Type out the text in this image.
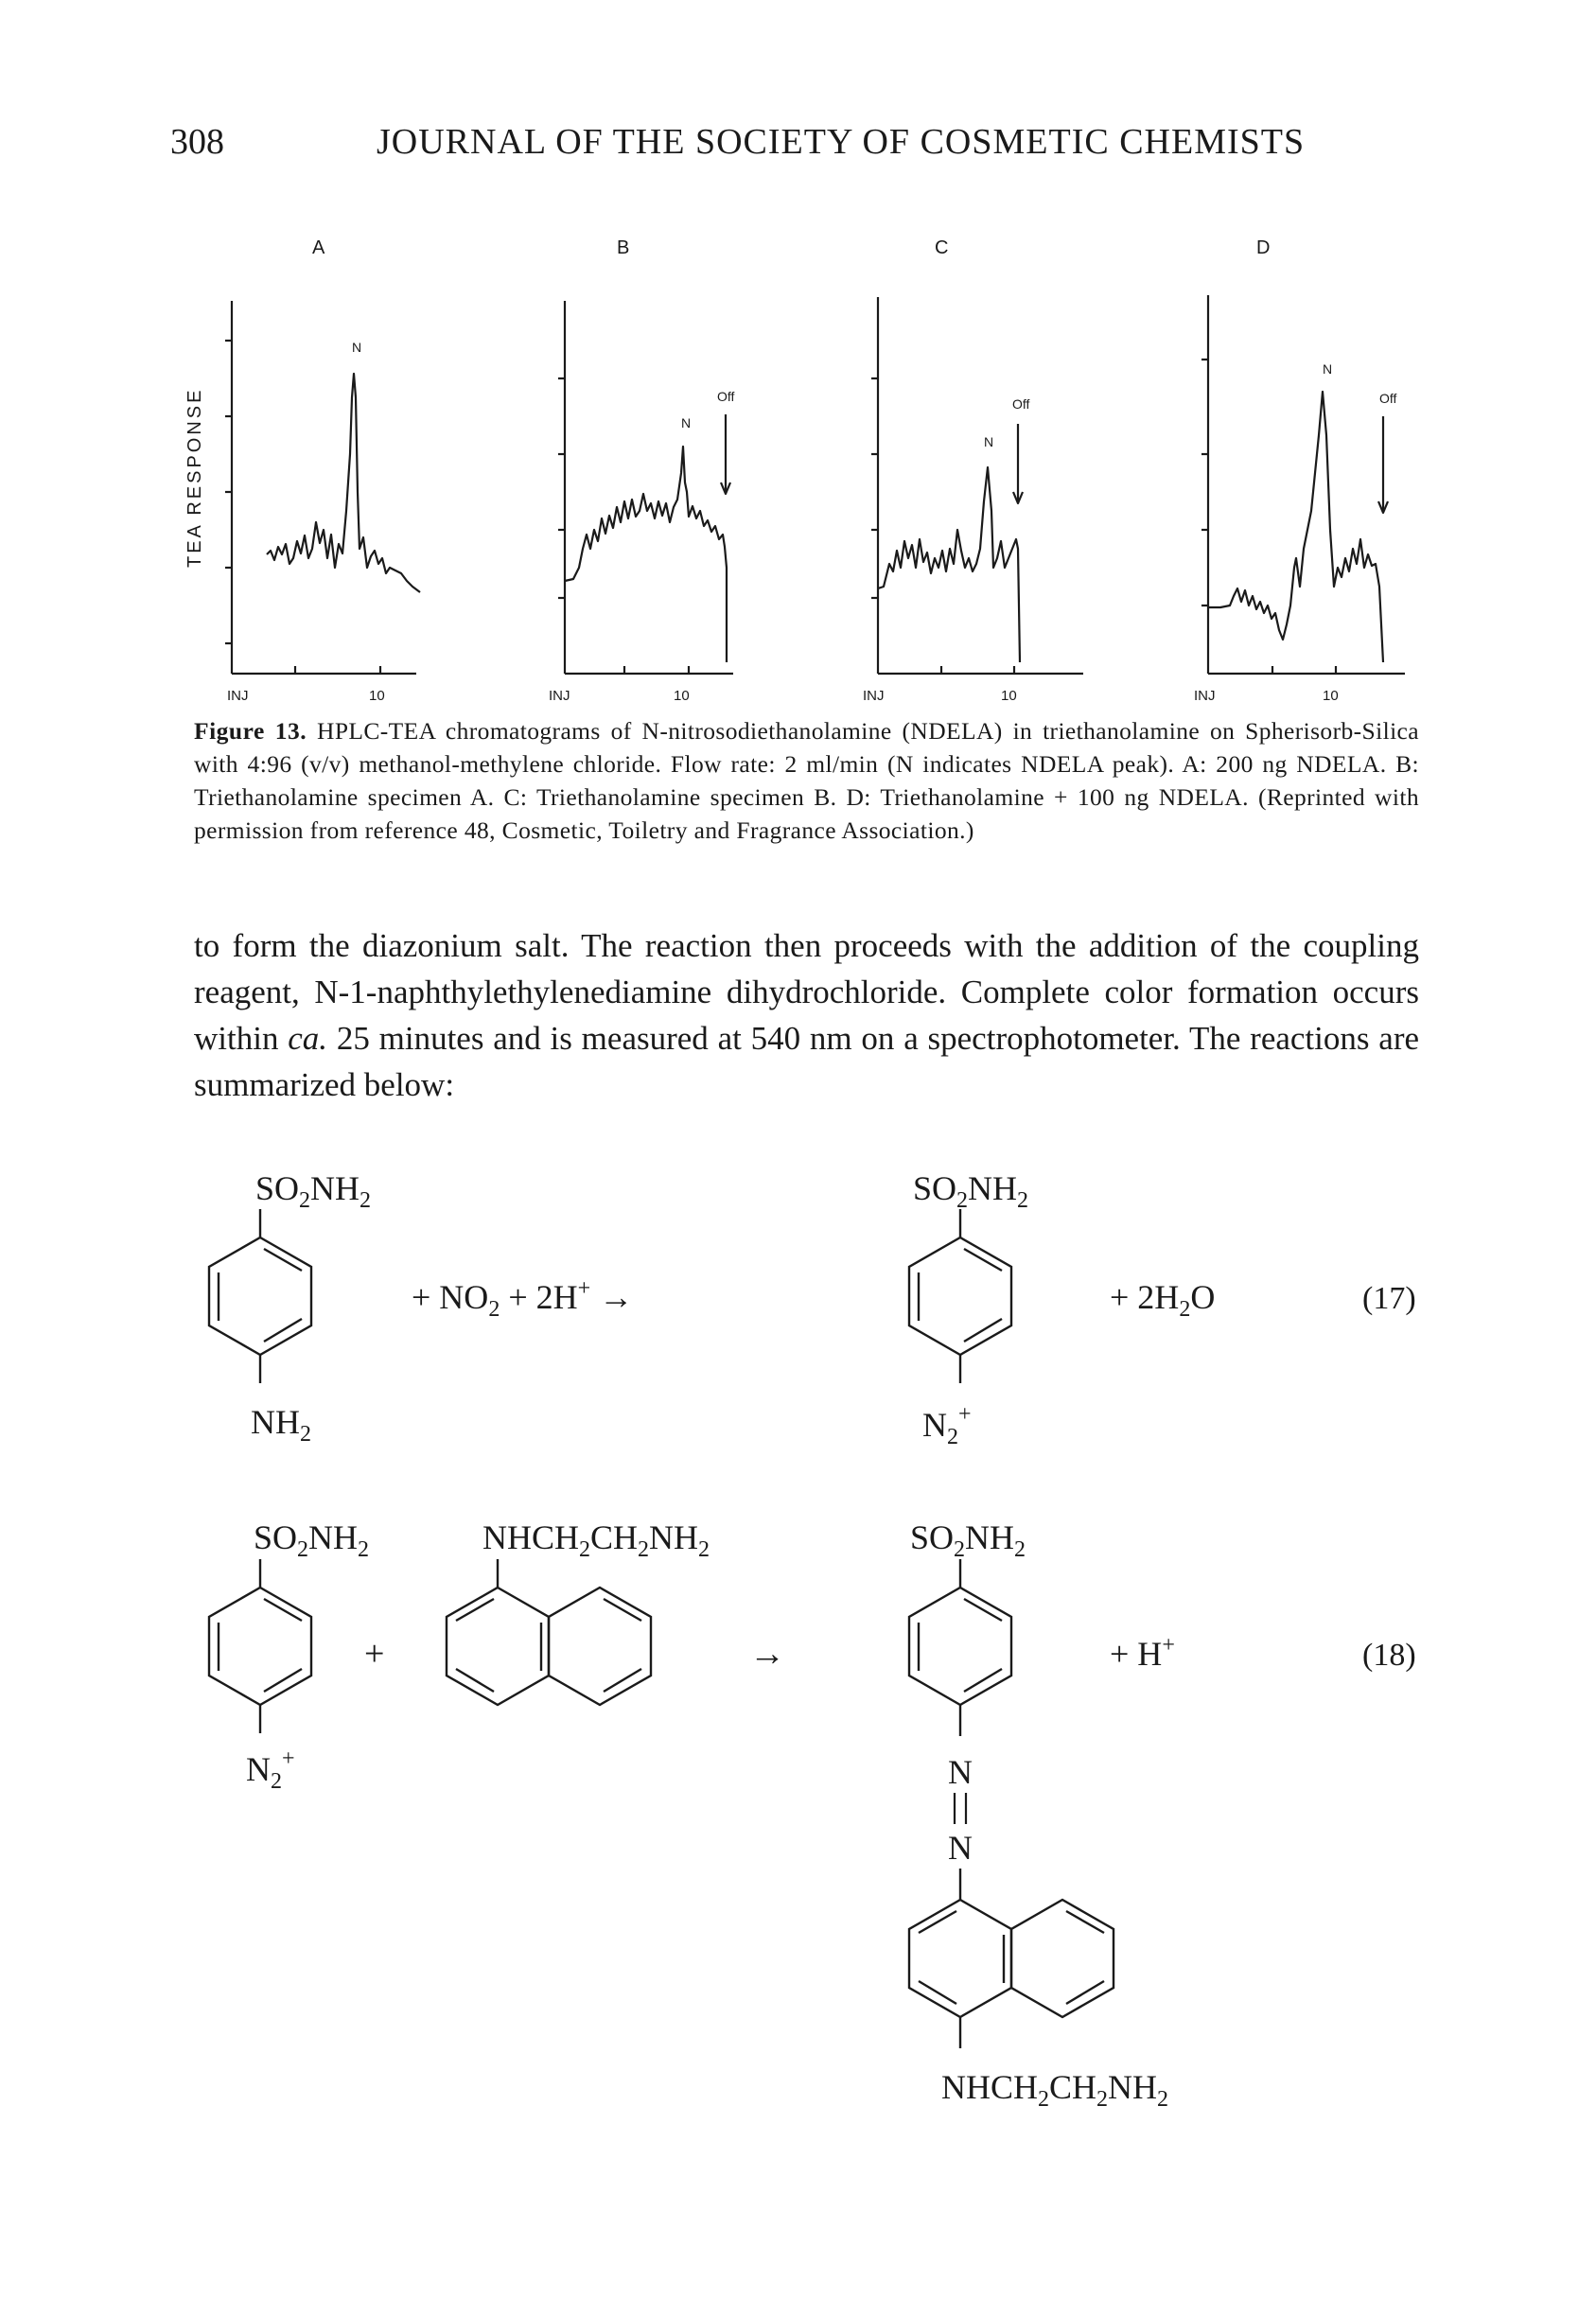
308	JOURNAL OF THE SOCIETY OF COSMETIC CHEMISTS
TEA RESPONSE
A	B	C	D
INJ	10	INJ	10	INJ	10	INJ	10
N
N
Off
N
Off
N
Off
Figure 13. HPLC-TEA chromatograms of N-nitrosodiethanolamine (NDELA) in triethanolamine on Spherisorb-Silica with 4:96 (v/v) methanol-methylene chloride. Flow rate: 2 ml/min (N indicates NDELA peak). A: 200 ng NDELA. B: Triethanolamine specimen A. C: Triethanolamine specimen B. D: Triethanolamine + 100 ng NDELA. (Reprinted with permission from reference 48, Cosmetic, Toiletry and Fragrance Association.)
to form the diazonium salt. The reaction then proceeds with the addition of the coupling reagent, N-1-naphthylethylenediamine dihydrochloride. Complete color formation occurs within ca. 25 minutes and is measured at 540 nm on a spectrophotometer. The reactions are summarized below:
$SO_2NH_2$
$NH_2$
+ $NO_2 + 2H^+$ →
$SO_2NH_2$
$N_2^+$
+ $2H_2O$	(17)
$SO_2NH_2$
$N_2^+$
+
$NHCH_2CH_2NH_2$
→
$SO_2NH_2$
N
N
$NHCH_2CH_2NH_2$
+ H+	(18)
